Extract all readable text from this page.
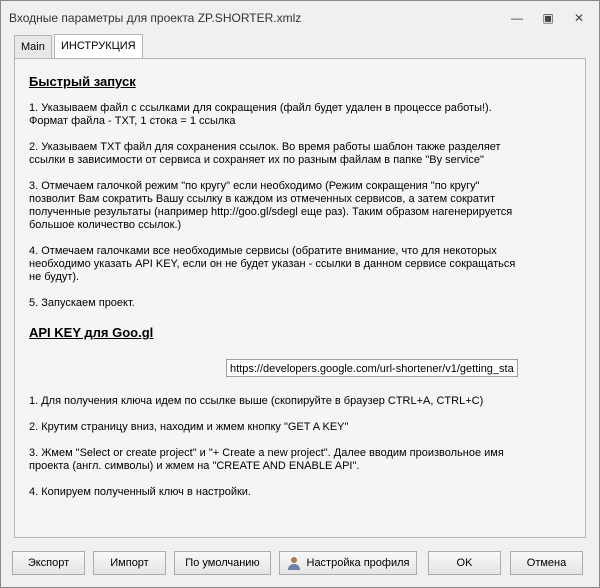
Входные параметры для проекта ZP.SHORTER.xmlz	—	▣	✕
Main	ИНСТРУКЦИЯ

Быстрый запуск

1. Указываем файл с ссылками для сокращения (файл будет удален в процессе работы!).

Формат файла - TXT, 1 стока = 1 ссылка

2. Указываем TXT файл для сохранения ссылок. Во время работы шаблон также разделяет

ссылки в зависимости от сервиса и сохраняет их по разным файлам в папке "By service"

3. Отмечаем галочкой режим "по кругу" если необходимо (Режим сокращения "по кругу"

позволит Вам сократить Вашу ссылку в каждом из отмеченных сервисов, а затем сократит

полученные результаты (например http://goo.gl/sdegl еще раз). Таким образом нагенерируется

большое количество ссылок.)

4. Отмечаем галочками все необходимые сервисы (обратите внимание, что для некоторых

необходимо указать API KEY, если он не будет указан - ссылки в данном сервисе сокращаться

не будут).

5. Запускаем проект.

API KEY для Goo.gl

1. Для получения ключа идем по ссылке выше (скопируйте в браузер CTRL+A, CTRL+C)

2. Крутим страницу вниз, находим и жмем кнопку "GET A KEY"

3. Жмем "Select or create project" и "+ Create a new project". Далее вводим произвольное имя

проекта (англ. символы) и жмем на "CREATE AND ENABLE API".

4. Копируем полученный ключ в настройки.

https://developers.google.com/url-shortener/v1/getting_sta
Экспорт	Импорт	По умолчанию	Настройка профиля	OK	Отмена
